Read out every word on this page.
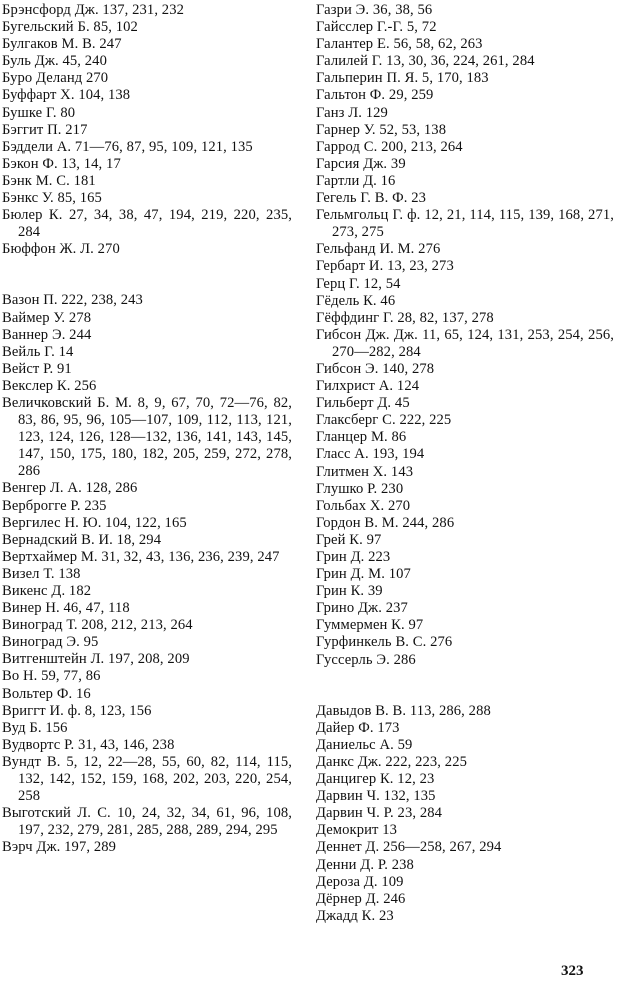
Брэнсфорд Дж. 137, 231, 232
Бугельский Б. 85, 102
Булгаков М. В. 247
Буль Дж. 45, 240
Буро Деланд 270
Буффарт Х. 104, 138
Бушке Г. 80
Бэггит П. 217
Бэддели А. 71—76, 87, 95, 109, 121, 135
Бэкон Ф. 13, 14, 17
Бэнк М. С. 181
Бэнкс У. 85, 165
Бюлер К. 27, 34, 38, 47, 194, 219, 220, 235, 284
Бюффон Ж. Л. 270
Вазон П. 222, 238, 243
Ваймер У. 278
Ваннер Э. 244
Вейль Г. 14
Вейст Р. 91
Векслер К. 256
Величковский Б. М. 8, 9, 67, 70, 72—76, 82, 83, 86, 95, 96, 105—107, 109, 112, 113, 121, 123, 124, 126, 128—132, 136, 141, 143, 145, 147, 150, 175, 180, 182, 205, 259, 272, 278, 286
Венгер Л. А. 128, 286
Верброгге Р. 235
Вергилес Н. Ю. 104, 122, 165
Вернадский В. И. 18, 294
Вертхаймер М. 31, 32, 43, 136, 236, 239, 247
Визел Т. 138
Викенс Д. 182
Винер Н. 46, 47, 118
Виноград Т. 208, 212, 213, 264
Виноград Э. 95
Витгенштейн Л. 197, 208, 209
Во Н. 59, 77, 86
Вольтер Ф. 16
Вриггт И. ф. 8, 123, 156
Вуд Б. 156
Вудвортс Р. 31, 43, 146, 238
Вундт В. 5, 12, 22—28, 55, 60, 82, 114, 115, 132, 142, 152, 159, 168, 202, 203, 220, 254, 258
Выготский Л. С. 10, 24, 32, 34, 61, 96, 108, 197, 232, 279, 281, 285, 288, 289, 294, 295
Вэрч Дж. 197, 289
Газри Э. 36, 38, 56
Гайсслер Г.-Г. 5, 72
Галантер Е. 56, 58, 62, 263
Галилей Г. 13, 30, 36, 224, 261, 284
Гальперин П. Я. 5, 170, 183
Гальтон Ф. 29, 259
Ганз Л. 129
Гарнер У. 52, 53, 138
Гаррод С. 200, 213, 264
Гарсия Дж. 39
Гартли Д. 16
Гегель Г. В. Ф. 23
Гельмгольц Г. ф. 12, 21, 114, 115, 139, 168, 271, 273, 275
Гельфанд И. М. 276
Гербарт И. 13, 23, 273
Герц Г. 12, 54
Гёдель К. 46
Гёффдинг Г. 28, 82, 137, 278
Гибсон Дж. Дж. 11, 65, 124, 131, 253, 254, 256, 270—282, 284
Гибсон Э. 140, 278
Гилхрист А. 124
Гильберт Д. 45
Глаксберг С. 222, 225
Гланцер М. 86
Гласс А. 193, 194
Глитмен Х. 143
Глушко Р. 230
Гольбах Х. 270
Гордон В. М. 244, 286
Грей К. 97
Грин Д. 223
Грин Д. М. 107
Грин К. 39
Грино Дж. 237
Гуммермен К. 97
Гурфинкель В. С. 276
Гуссерль Э. 286
Давыдов В. В. 113, 286, 288
Дайер Ф. 173
Даниельс А. 59
Данкс Дж. 222, 223, 225
Данцигер К. 12, 23
Дарвин Ч. 132, 135
Дарвин Ч. Р. 23, 284
Демокрит 13
Деннет Д. 256—258, 267, 294
Денни Д. Р. 238
Дероза Д. 109
Дёрнер Д. 246
Джадд К. 23
323
